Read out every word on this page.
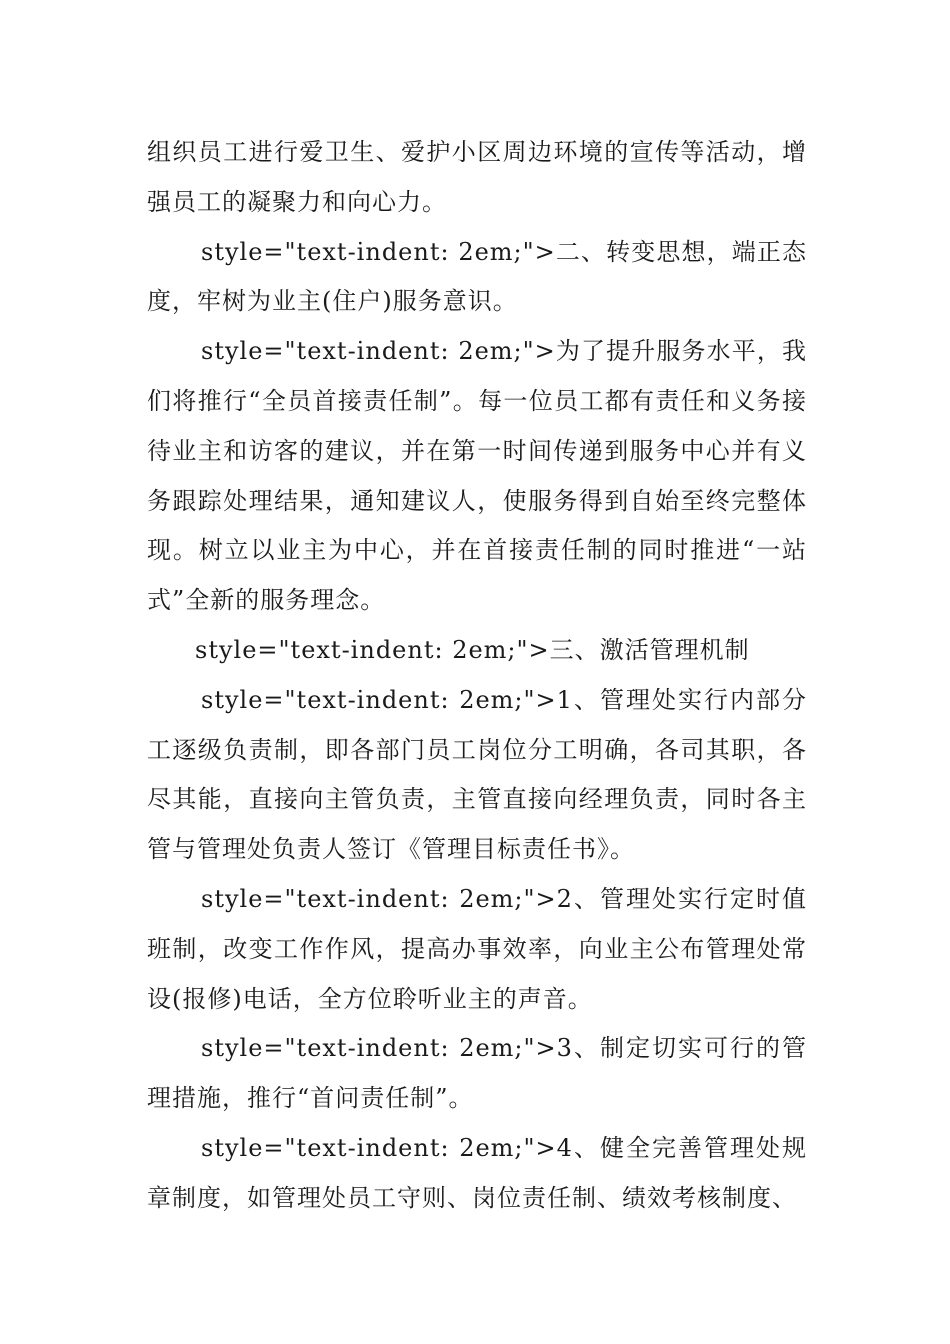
组织员工进行爱卫生、爱护小区周边环境的宣传等活动，增强员工的凝聚力和向心力。

style="text-indent: 2em;">二、转变思想，端正态度，牢树为业主(住户)服务意识。

style="text-indent: 2em;">为了提升服务水平，我们将推行“全员首接责任制”。每一位员工都有责任和义务接待业主和访客的建议，并在第一时间传递到服务中心并有义务跟踪处理结果，通知建议人，使服务得到自始至终完整体现。树立以业主为中心，并在首接责任制的同时推进“一站式”全新的服务理念。

style="text-indent: 2em;">三、激活管理机制

style="text-indent: 2em;">1、管理处实行内部分工逐级负责制，即各部门员工岗位分工明确，各司其职，各尽其能，直接向主管负责，主管直接向经理负责，同时各主管与管理处负责人签订《管理目标责任书》。

style="text-indent: 2em;">2、管理处实行定时值班制，改变工作作风，提高办事效率，向业主公布管理处常设(报修)电话，全方位聆听业主的声音。

style="text-indent: 2em;">3、制定切实可行的管理措施，推行“首问责任制”。

style="text-indent: 2em;">4、健全完善管理处规章制度，如管理处员工守则、岗位责任制、绩效考核制度、
